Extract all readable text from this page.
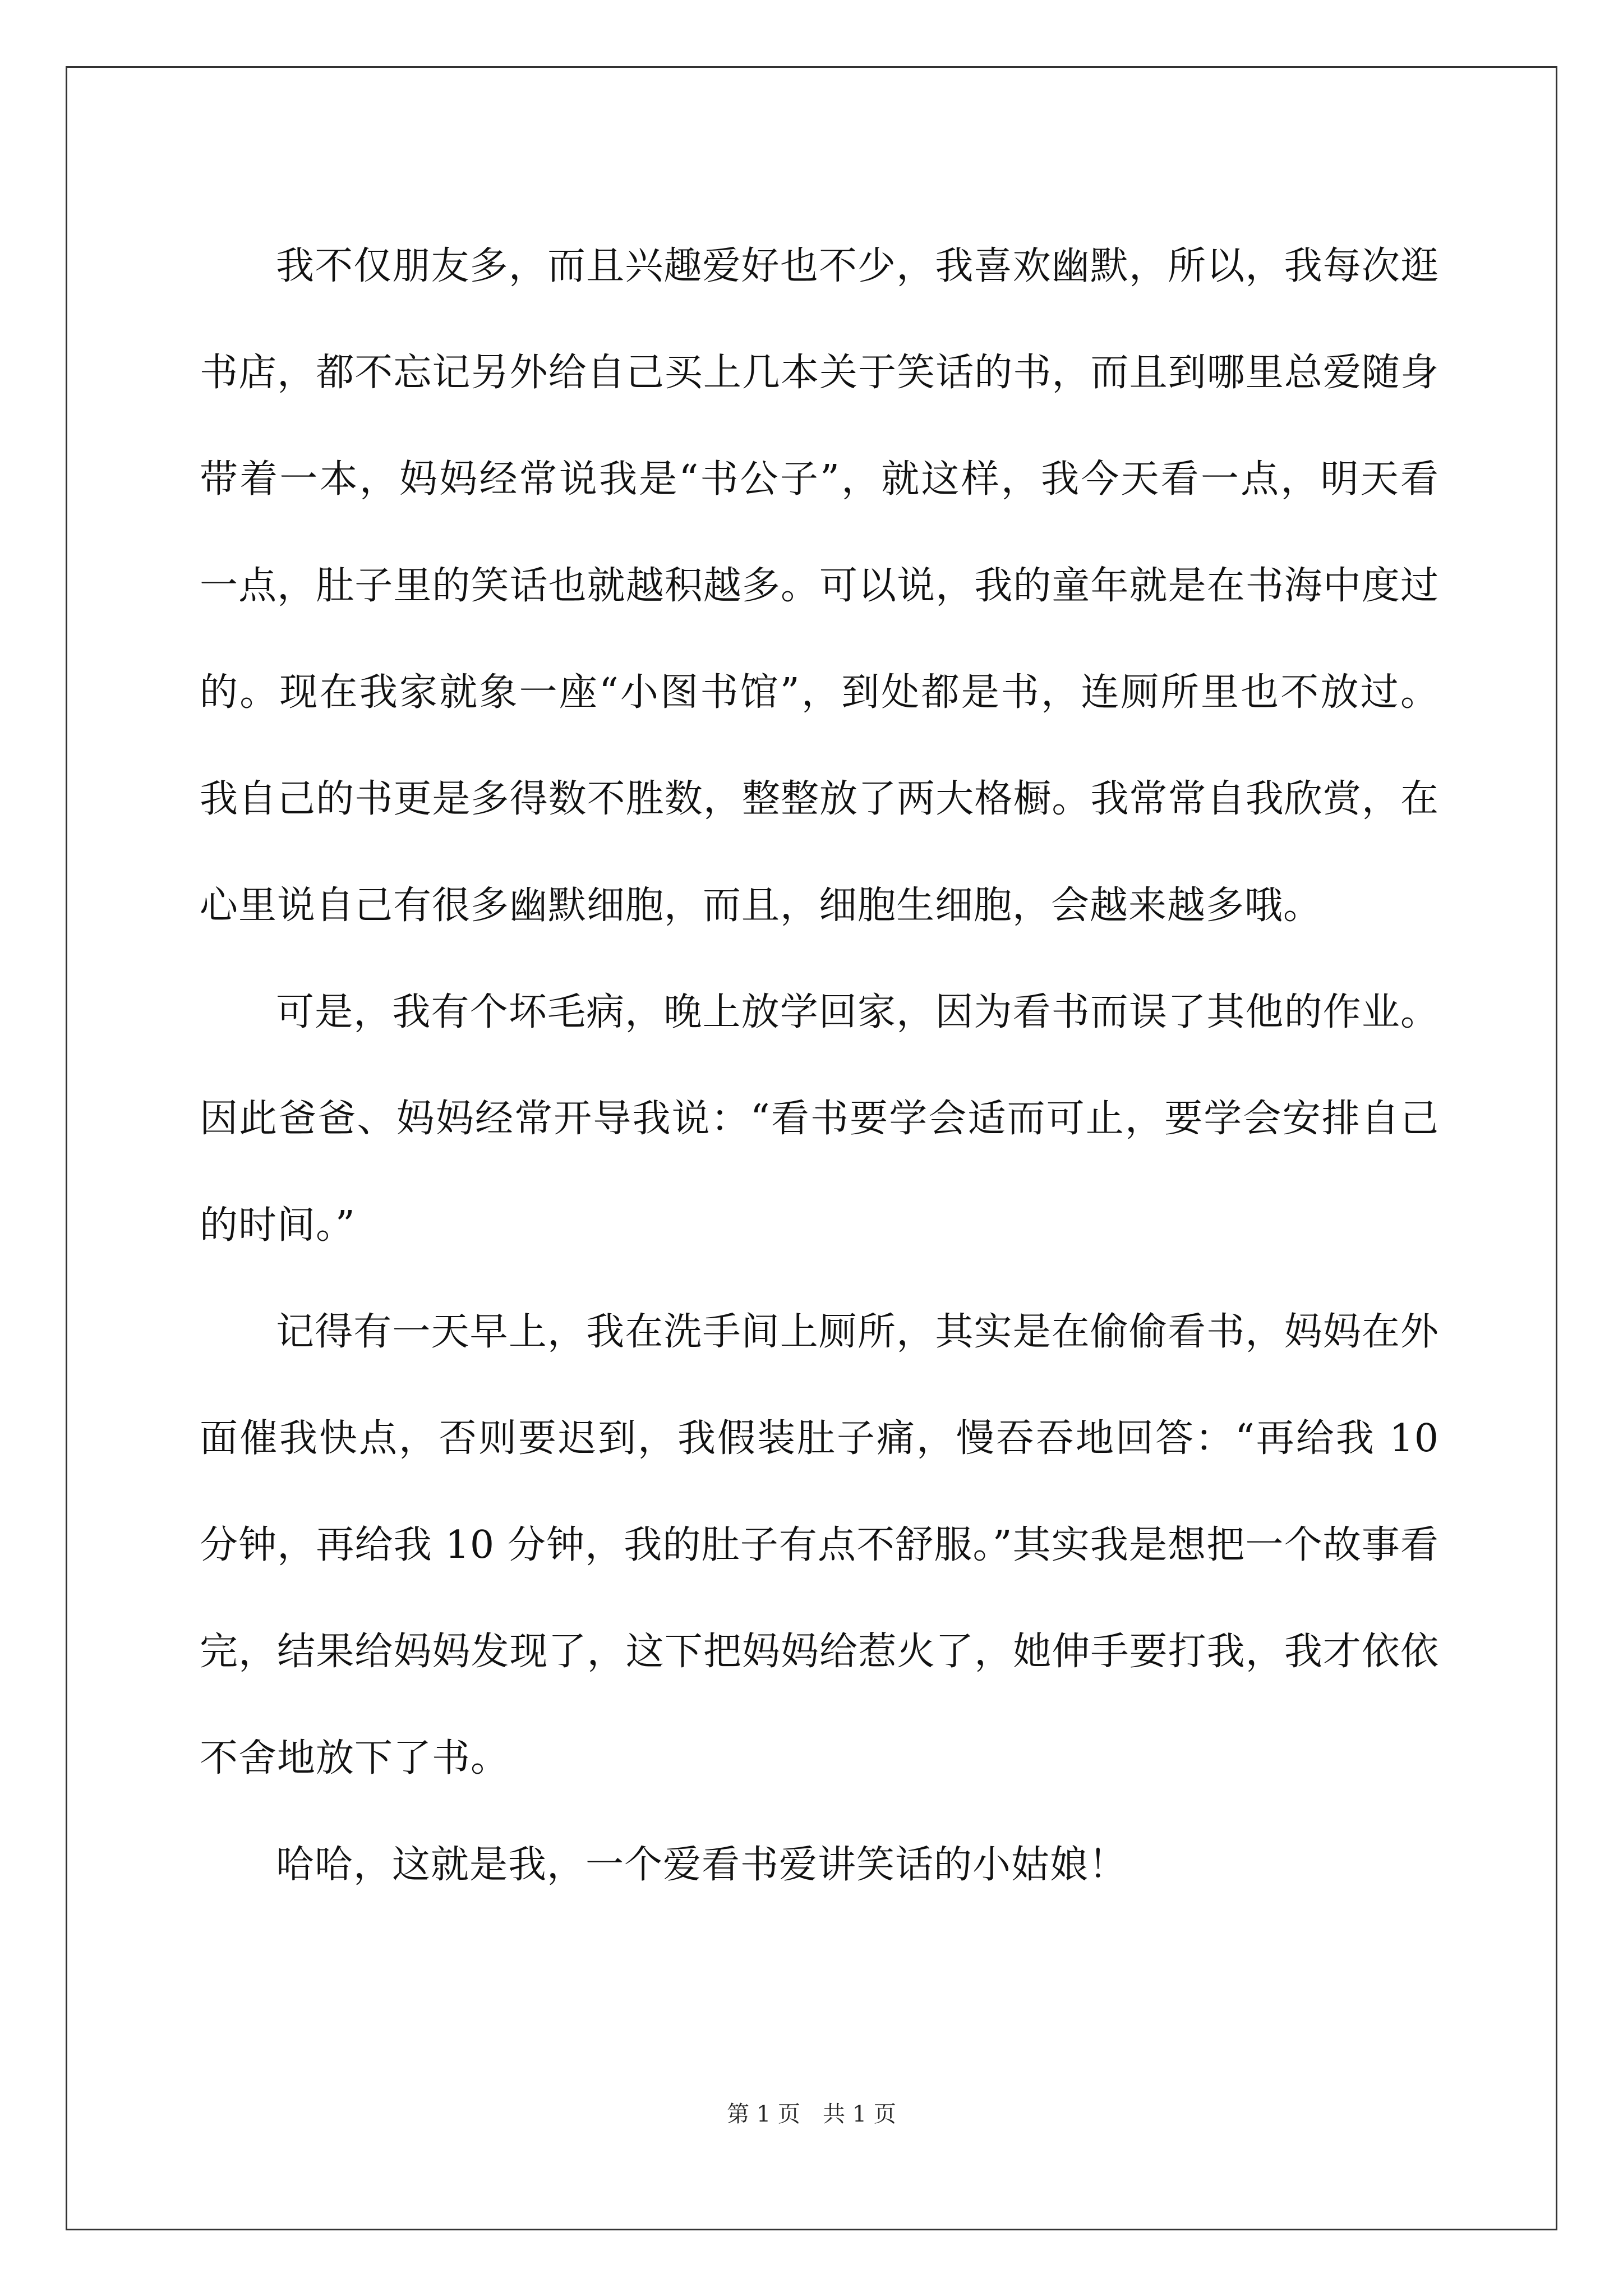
我不仅朋友多，而且兴趣爱好也不少，我喜欢幽默，所以，我每次逛书店，都不忘记另外给自己买上几本关于笑话的书，而且到哪里总爱随身带着一本，妈妈经常说我是“书公子”，就这样，我今天看一点，明天看一点，肚子里的笑话也就越积越多。可以说，我的童年就是在书海中度过的。现在我家就象一座“小图书馆”，到处都是书，连厕所里也不放过。我自己的书更是多得数不胜数，整整放了两大格橱。我常常自我欣赏，在心里说自己有很多幽默细胞，而且，细胞生细胞，会越来越多哦。

可是，我有个坏毛病，晚上放学回家，因为看书而误了其他的作业。因此爸爸、妈妈经常开导我说：“看书要学会适而可止，要学会安排自己的时间。”

记得有一天早上，我在洗手间上厕所，其实是在偷偷看书，妈妈在外面催我快点，否则要迟到，我假装肚子痛，慢吞吞地回答：“再给我 10 分钟，再给我 10 分钟，我的肚子有点不舒服。”其实我是想把一个故事看完，结果给妈妈发现了，这下把妈妈给惹火了，她伸手要打我，我才依依不舍地放下了书。

哈哈，这就是我，一个爱看书爱讲笑话的小姑娘！

第 1 页　共 1 页
